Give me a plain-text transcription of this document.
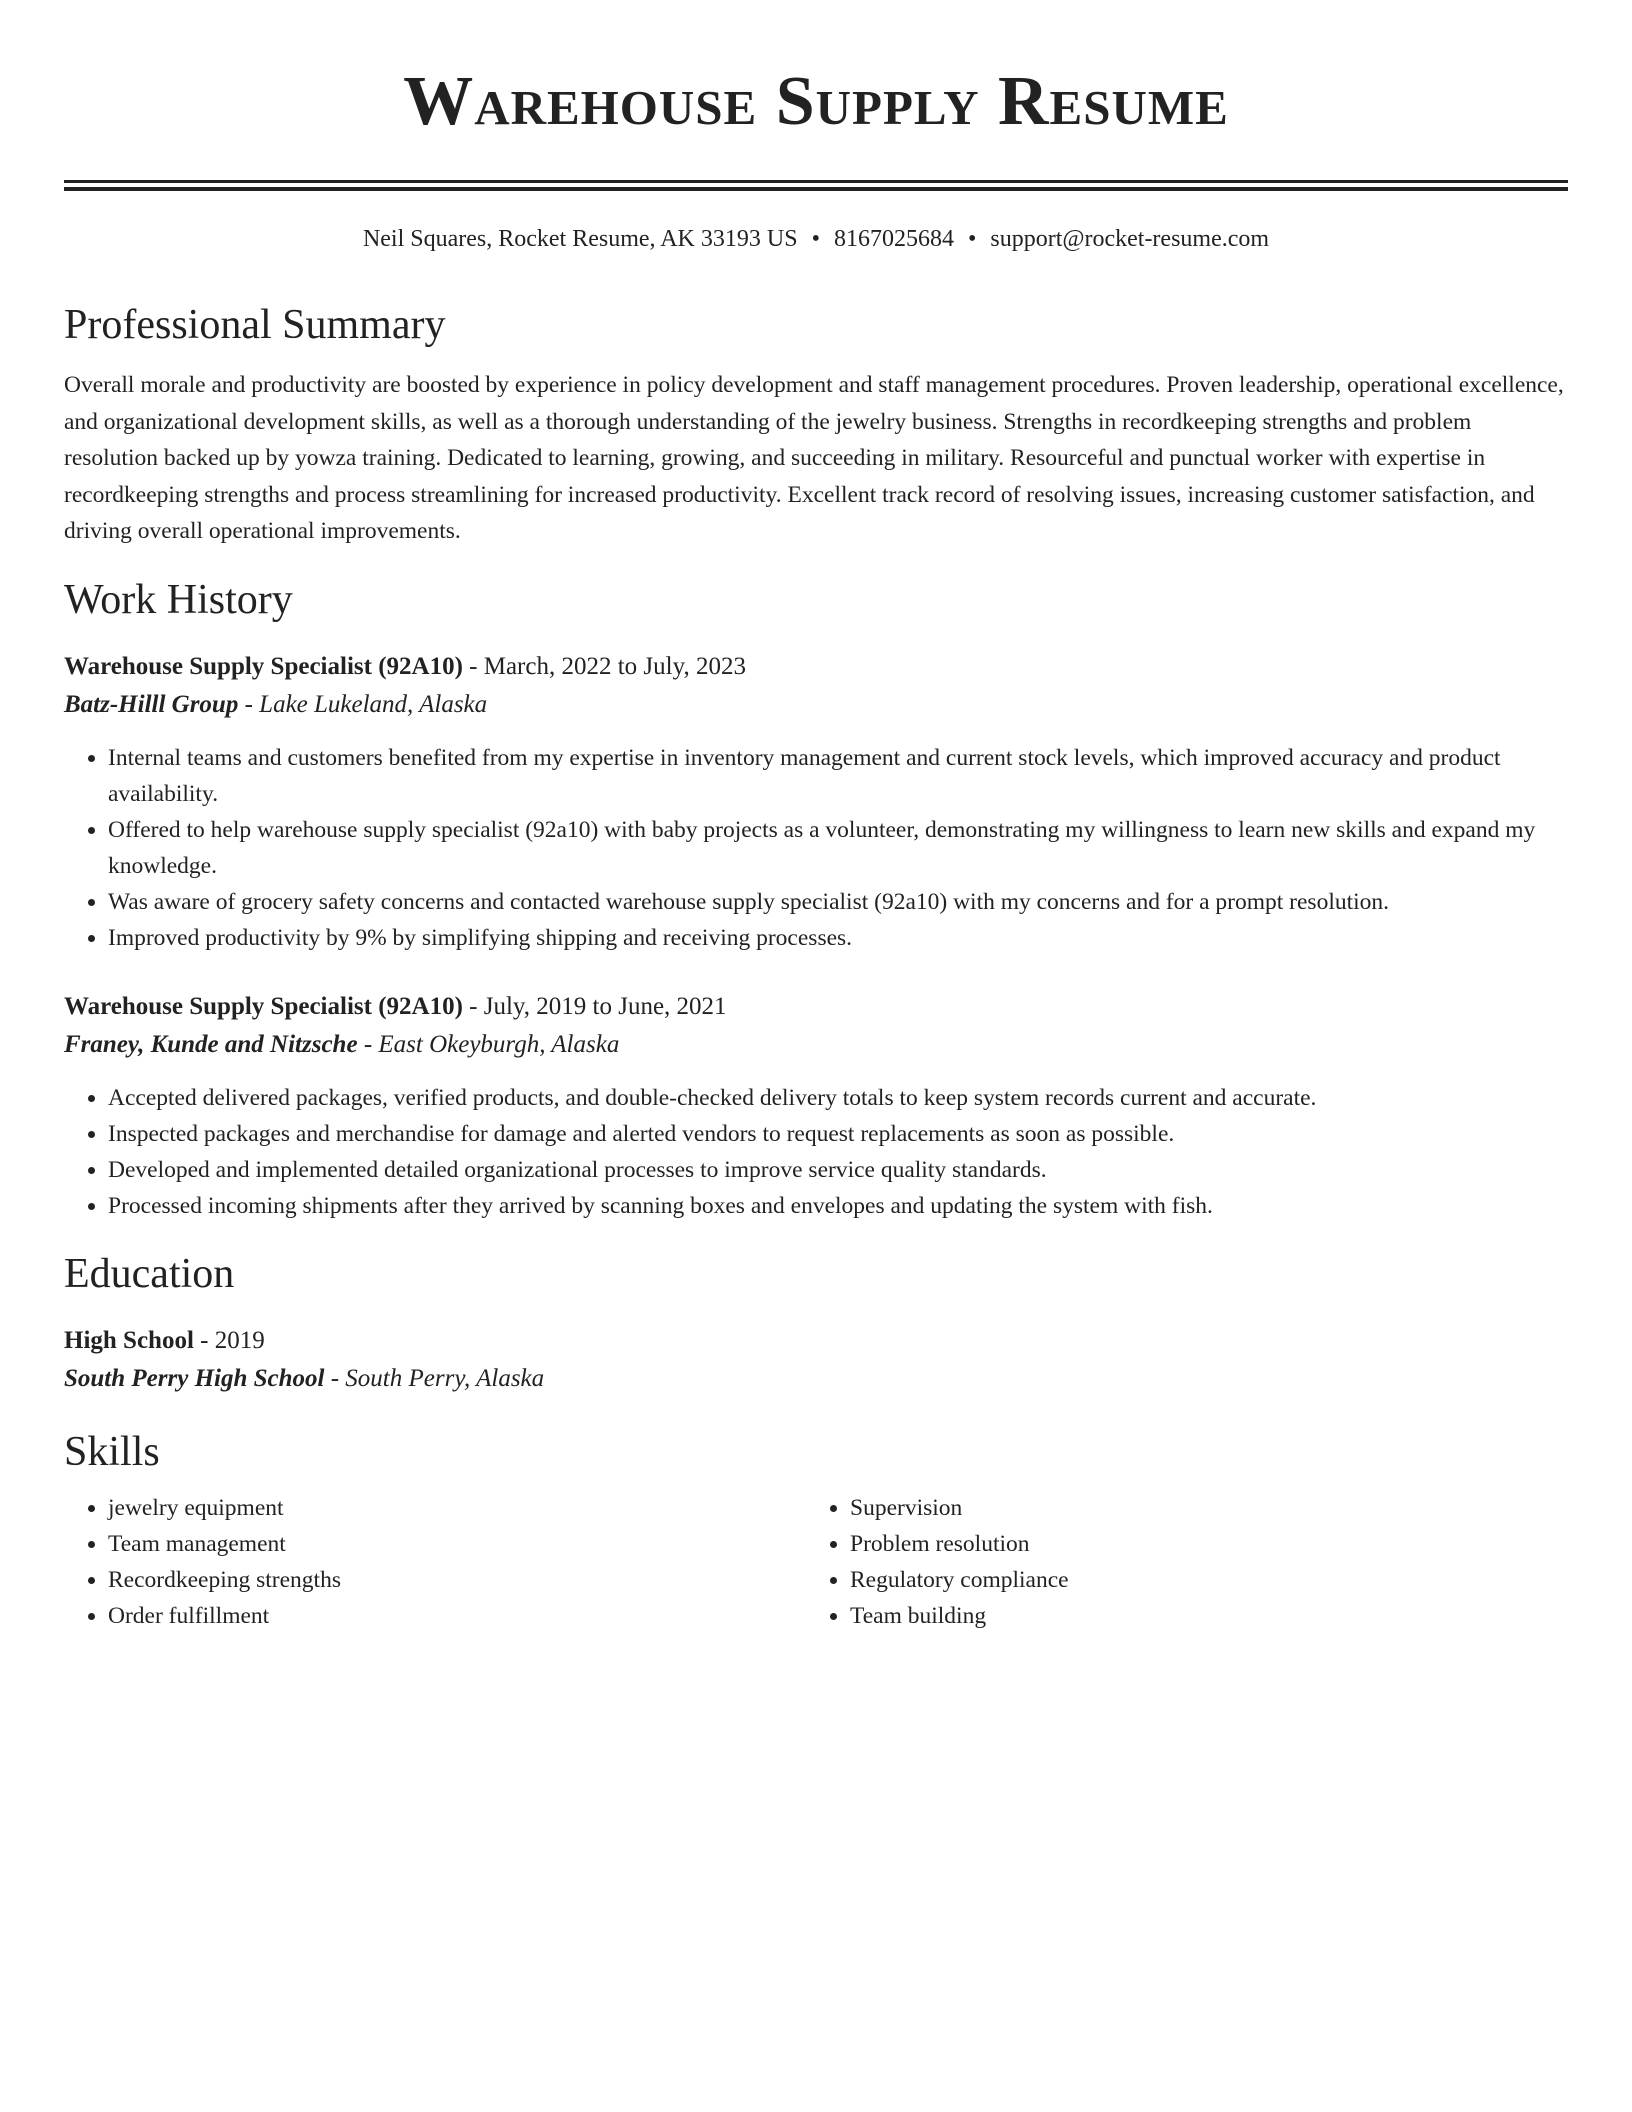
Warehouse Supply Resume
Neil Squares, Rocket Resume, AK 33193 US • 8167025684 • support@rocket-resume.com
Professional Summary

Overall morale and productivity are boosted by experience in policy development and staff management procedures. Proven leadership, operational excellence, and organizational development skills, as well as a thorough understanding of the jewelry business. Strengths in recordkeeping strengths and problem resolution backed up by yowza training. Dedicated to learning, growing, and succeeding in military. Resourceful and punctual worker with expertise in recordkeeping strengths and process streamlining for increased productivity. Excellent track record of resolving issues, increasing customer satisfaction, and driving overall operational improvements.

Work History
Warehouse Supply Specialist (92A10) - March, 2022 to July, 2023
Batz-Hilll Group - Lake Lukeland, Alaska
• Internal teams and customers benefited from my expertise in inventory management and current stock levels, which improved accuracy and product availability.
• Offered to help warehouse supply specialist (92a10) with baby projects as a volunteer, demonstrating my willingness to learn new skills and expand my knowledge.
• Was aware of grocery safety concerns and contacted warehouse supply specialist (92a10) with my concerns and for a prompt resolution.
• Improved productivity by 9% by simplifying shipping and receiving processes.
Warehouse Supply Specialist (92A10) - July, 2019 to June, 2021
Franey, Kunde and Nitzsche - East Okeyburgh, Alaska
• Accepted delivered packages, verified products, and double-checked delivery totals to keep system records current and accurate.
• Inspected packages and merchandise for damage and alerted vendors to request replacements as soon as possible.
• Developed and implemented detailed organizational processes to improve service quality standards.
• Processed incoming shipments after they arrived by scanning boxes and envelopes and updating the system with fish.
Education
High School - 2019
South Perry High School - South Perry, Alaska
Skills
• jewelry equipment
• Team management
• Recordkeeping strengths
• Order fulfillment
• Supervision
• Problem resolution
• Regulatory compliance
• Team building
